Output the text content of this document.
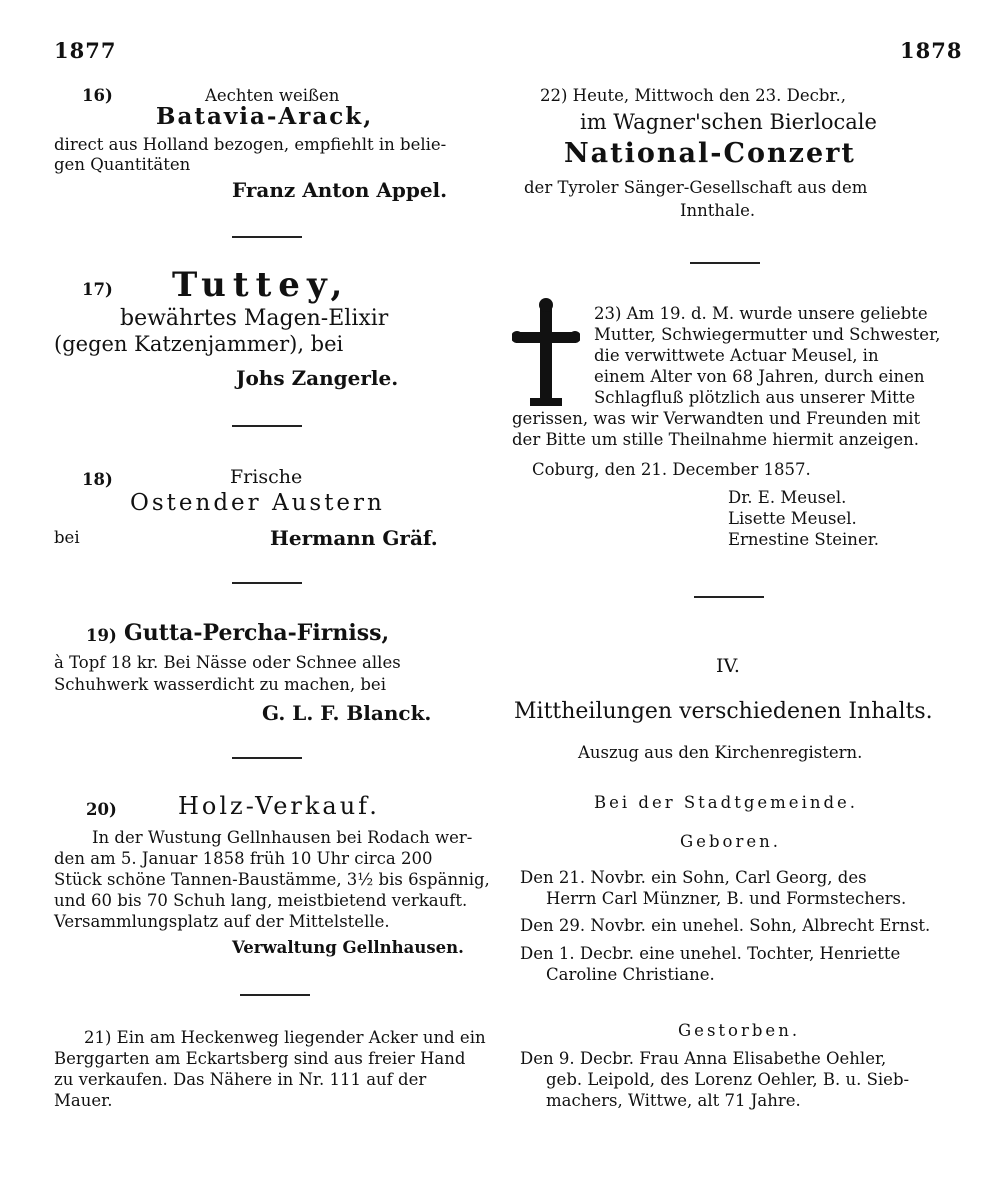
1877	1878
16)	Aechten weißen
Batavia-Arack,
direct aus Holland bezogen, empfiehlt in belie-
gen Quantitäten
Franz Anton Appel.
17) Tuttey,
bewährtes Magen-Elixir
(gegen Katzenjammer), bei
Johs Zangerle.
18)	Frische
Ostender Austern
bei	Hermann Gräf.
19) Gutta-Percha-Firniss,
à Topf 18 kr. Bei Nässe oder Schnee alles
Schuhwerk wasserdicht zu machen, bei
G. L. F. Blanck.
20)	Holz-Verkauf.
In der Wustung Gellnhausen bei Rodach wer-
den am 5. Januar 1858 früh 10 Uhr circa 200
Stück schöne Tannen-Baustämme, 3½ bis 6spännig,
und 60 bis 70 Schuh lang, meistbietend verkauft.
Versammlungsplatz auf der Mittelstelle.
Verwaltung Gellnhausen.
21) Ein am Heckenweg liegender Acker und ein
Berggarten am Eckartsberg sind aus freier Hand
zu verkaufen. Das Nähere in Nr. 111 auf der
Mauer.
22) Heute, Mittwoch den 23. Decbr.,
im Wagner'schen Bierlocale
National-Conzert
der Tyroler Sänger-Gesellschaft aus dem
Innthale.
23) Am 19. d. M. wurde unsere geliebte
Mutter, Schwiegermutter und Schwester,
die verwittwete Actuar Meusel, in
einem Alter von 68 Jahren, durch einen
Schlagfluß plötzlich aus unserer Mitte
gerissen, was wir Verwandten und Freunden mit
der Bitte um stille Theilnahme hiermit anzeigen.
Coburg, den 21. December 1857.
Dr. E. Meusel.
Lisette Meusel.
Ernestine Steiner.
IV.
Mittheilungen verschiedenen Inhalts.
Auszug aus den Kirchenregistern.
Bei der Stadtgemeinde.
Geboren.
Den 21. Novbr. ein Sohn, Carl Georg, des
Herrn Carl Münzner, B. und Formstechers.
Den 29. Novbr. ein unehel. Sohn, Albrecht Ernst.
Den 1. Decbr. eine unehel. Tochter, Henriette
Caroline Christiane.
Gestorben.
Den 9. Decbr. Frau Anna Elisabethe Oehler,
geb. Leipold, des Lorenz Oehler, B. u. Sieb-
machers, Wittwe, alt 71 Jahre.
